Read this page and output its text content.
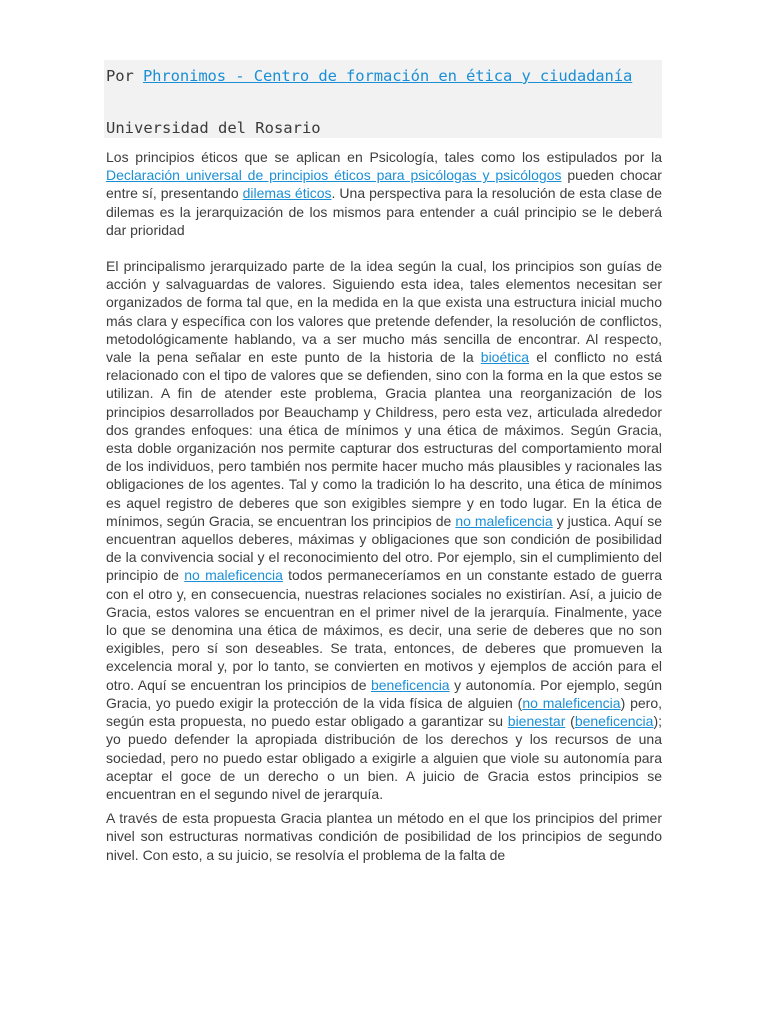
Por Phronimos - Centro de formación en ética y ciudadanía
Universidad del Rosario

Los principios éticos que se aplican en Psicología, tales como los estipulados por la Declaración universal de principios éticos para psicólogas y psicólogos pueden chocar entre sí, presentando dilemas éticos. Una perspectiva para la resolución de esta clase de dilemas es la jerarquización de los mismos para entender a cuál principio se le deberá dar prioridad

El principalismo jerarquizado parte de la idea según la cual, los principios son guías de acción y salvaguardas de valores. Siguiendo esta idea, tales elementos necesitan ser organizados de forma tal que, en la medida en la que exista una estructura inicial mucho más clara y específica con los valores que pretende defender, la resolución de conflictos, metodológicamente hablando, va a ser mucho más sencilla de encontrar. Al respecto, vale la pena señalar en este punto de la historia de la bioética el conflicto no está relacionado con el tipo de valores que se defienden, sino con la forma en la que estos se utilizan. A fin de atender este problema, Gracia plantea una reorganización de los principios desarrollados por Beauchamp y Childress, pero esta vez, articulada alrededor dos grandes enfoques: una ética de mínimos y una ética de máximos. Según Gracia, esta doble organización nos permite capturar dos estructuras del comportamiento moral de los individuos, pero también nos permite hacer mucho más plausibles y racionales las obligaciones de los agentes. Tal y como la tradición lo ha descrito, una ética de mínimos es aquel registro de deberes que son exigibles siempre y en todo lugar. En la ética de mínimos, según Gracia, se encuentran los principios de no maleficencia y justica. Aquí se encuentran aquellos deberes, máximas y obligaciones que son condición de posibilidad de la convivencia social y el reconocimiento del otro. Por ejemplo, sin el cumplimiento del principio de no maleficencia todos permaneceríamos en un constante estado de guerra con el otro y, en consecuencia, nuestras relaciones sociales no existirían. Así, a juicio de Gracia, estos valores se encuentran en el primer nivel de la jerarquía. Finalmente, yace lo que se denomina una ética de máximos, es decir, una serie de deberes que no son exigibles, pero sí son deseables. Se trata, entonces, de deberes que promueven la excelencia moral y, por lo tanto, se convierten en motivos y ejemplos de acción para el otro. Aquí se encuentran los principios de beneficencia y autonomía. Por ejemplo, según Gracia, yo puedo exigir la protección de la vida física de alguien (no maleficencia) pero, según esta propuesta, no puedo estar obligado a garantizar su bienestar (beneficencia); yo puedo defender la apropiada distribución de los derechos y los recursos de una sociedad, pero no puedo estar obligado a exigirle a alguien que viole su autonomía para aceptar el goce de un derecho o un bien. A juicio de Gracia estos principios se encuentran en el segundo nivel de jerarquía.

A través de esta propuesta Gracia plantea un método en el que los principios del primer nivel son estructuras normativas condición de posibilidad de los principios de segundo nivel. Con esto, a su juicio, se resolvía el problema de la falta de
